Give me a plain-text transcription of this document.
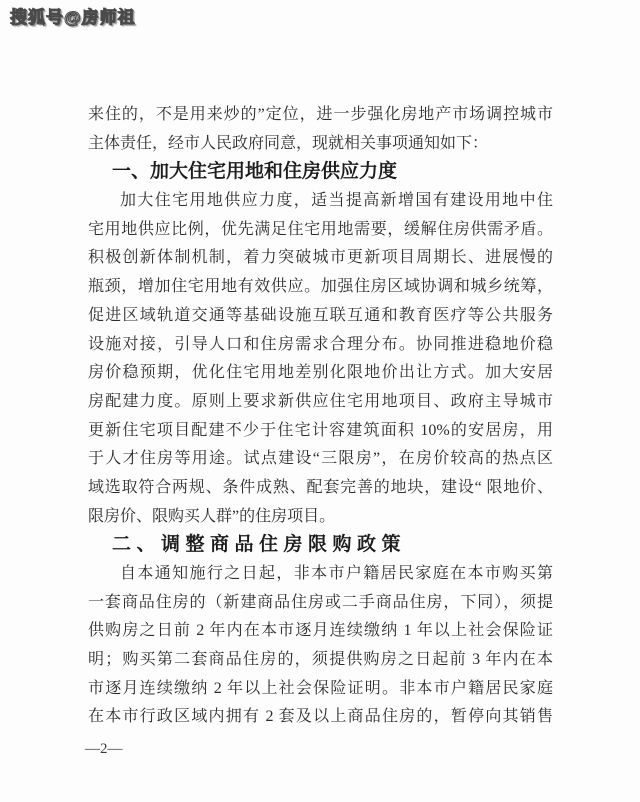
搜狐号@房师祖
来住的，不是用来炒的”定位，进一步强化房地产市场调控城市
主体责任，经市人民政府同意，现就相关事项通知如下：
一、加大住宅用地和住房供应力度
加大住宅用地供应力度，适当提高新增国有建设用地中住
宅用地供应比例，优先满足住宅用地需要，缓解住房供需矛盾。
积极创新体制机制，着力突破城市更新项目周期长、进展慢的
瓶颈，增加住宅用地有效供应。加强住房区域协调和城乡统筹，
促进区域轨道交通等基础设施互联互通和教育医疗等公共服务
设施对接，引导人口和住房需求合理分布。协同推进稳地价稳
房价稳预期，优化住宅用地差别化限地价出让方式。加大安居
房配建力度。原则上要求新供应住宅用地项目、政府主导城市
更新住宅项目配建不少于住宅计容建筑面积 10%的安居房，用
于人才住房等用途。试点建设“三限房”，在房价较高的热点区
域选取符合两规、条件成熟、配套完善的地块，建设“ 限地价、
限房价、限购买人群”的住房项目。
二、调整商品住房限购政策
自本通知施行之日起，非本市户籍居民家庭在本市购买第
一套商品住房的（新建商品住房或二手商品住房，下同），须提
供购房之日前 2 年内在本市逐月连续缴纳 1 年以上社会保险证
明；购买第二套商品住房的，须提供购房之日起前 3 年内在本
市逐月连续缴纳 2 年以上社会保险证明。非本市户籍居民家庭
在本市行政区域内拥有 2 套及以上商品住房的，暂停向其销售
—2—
